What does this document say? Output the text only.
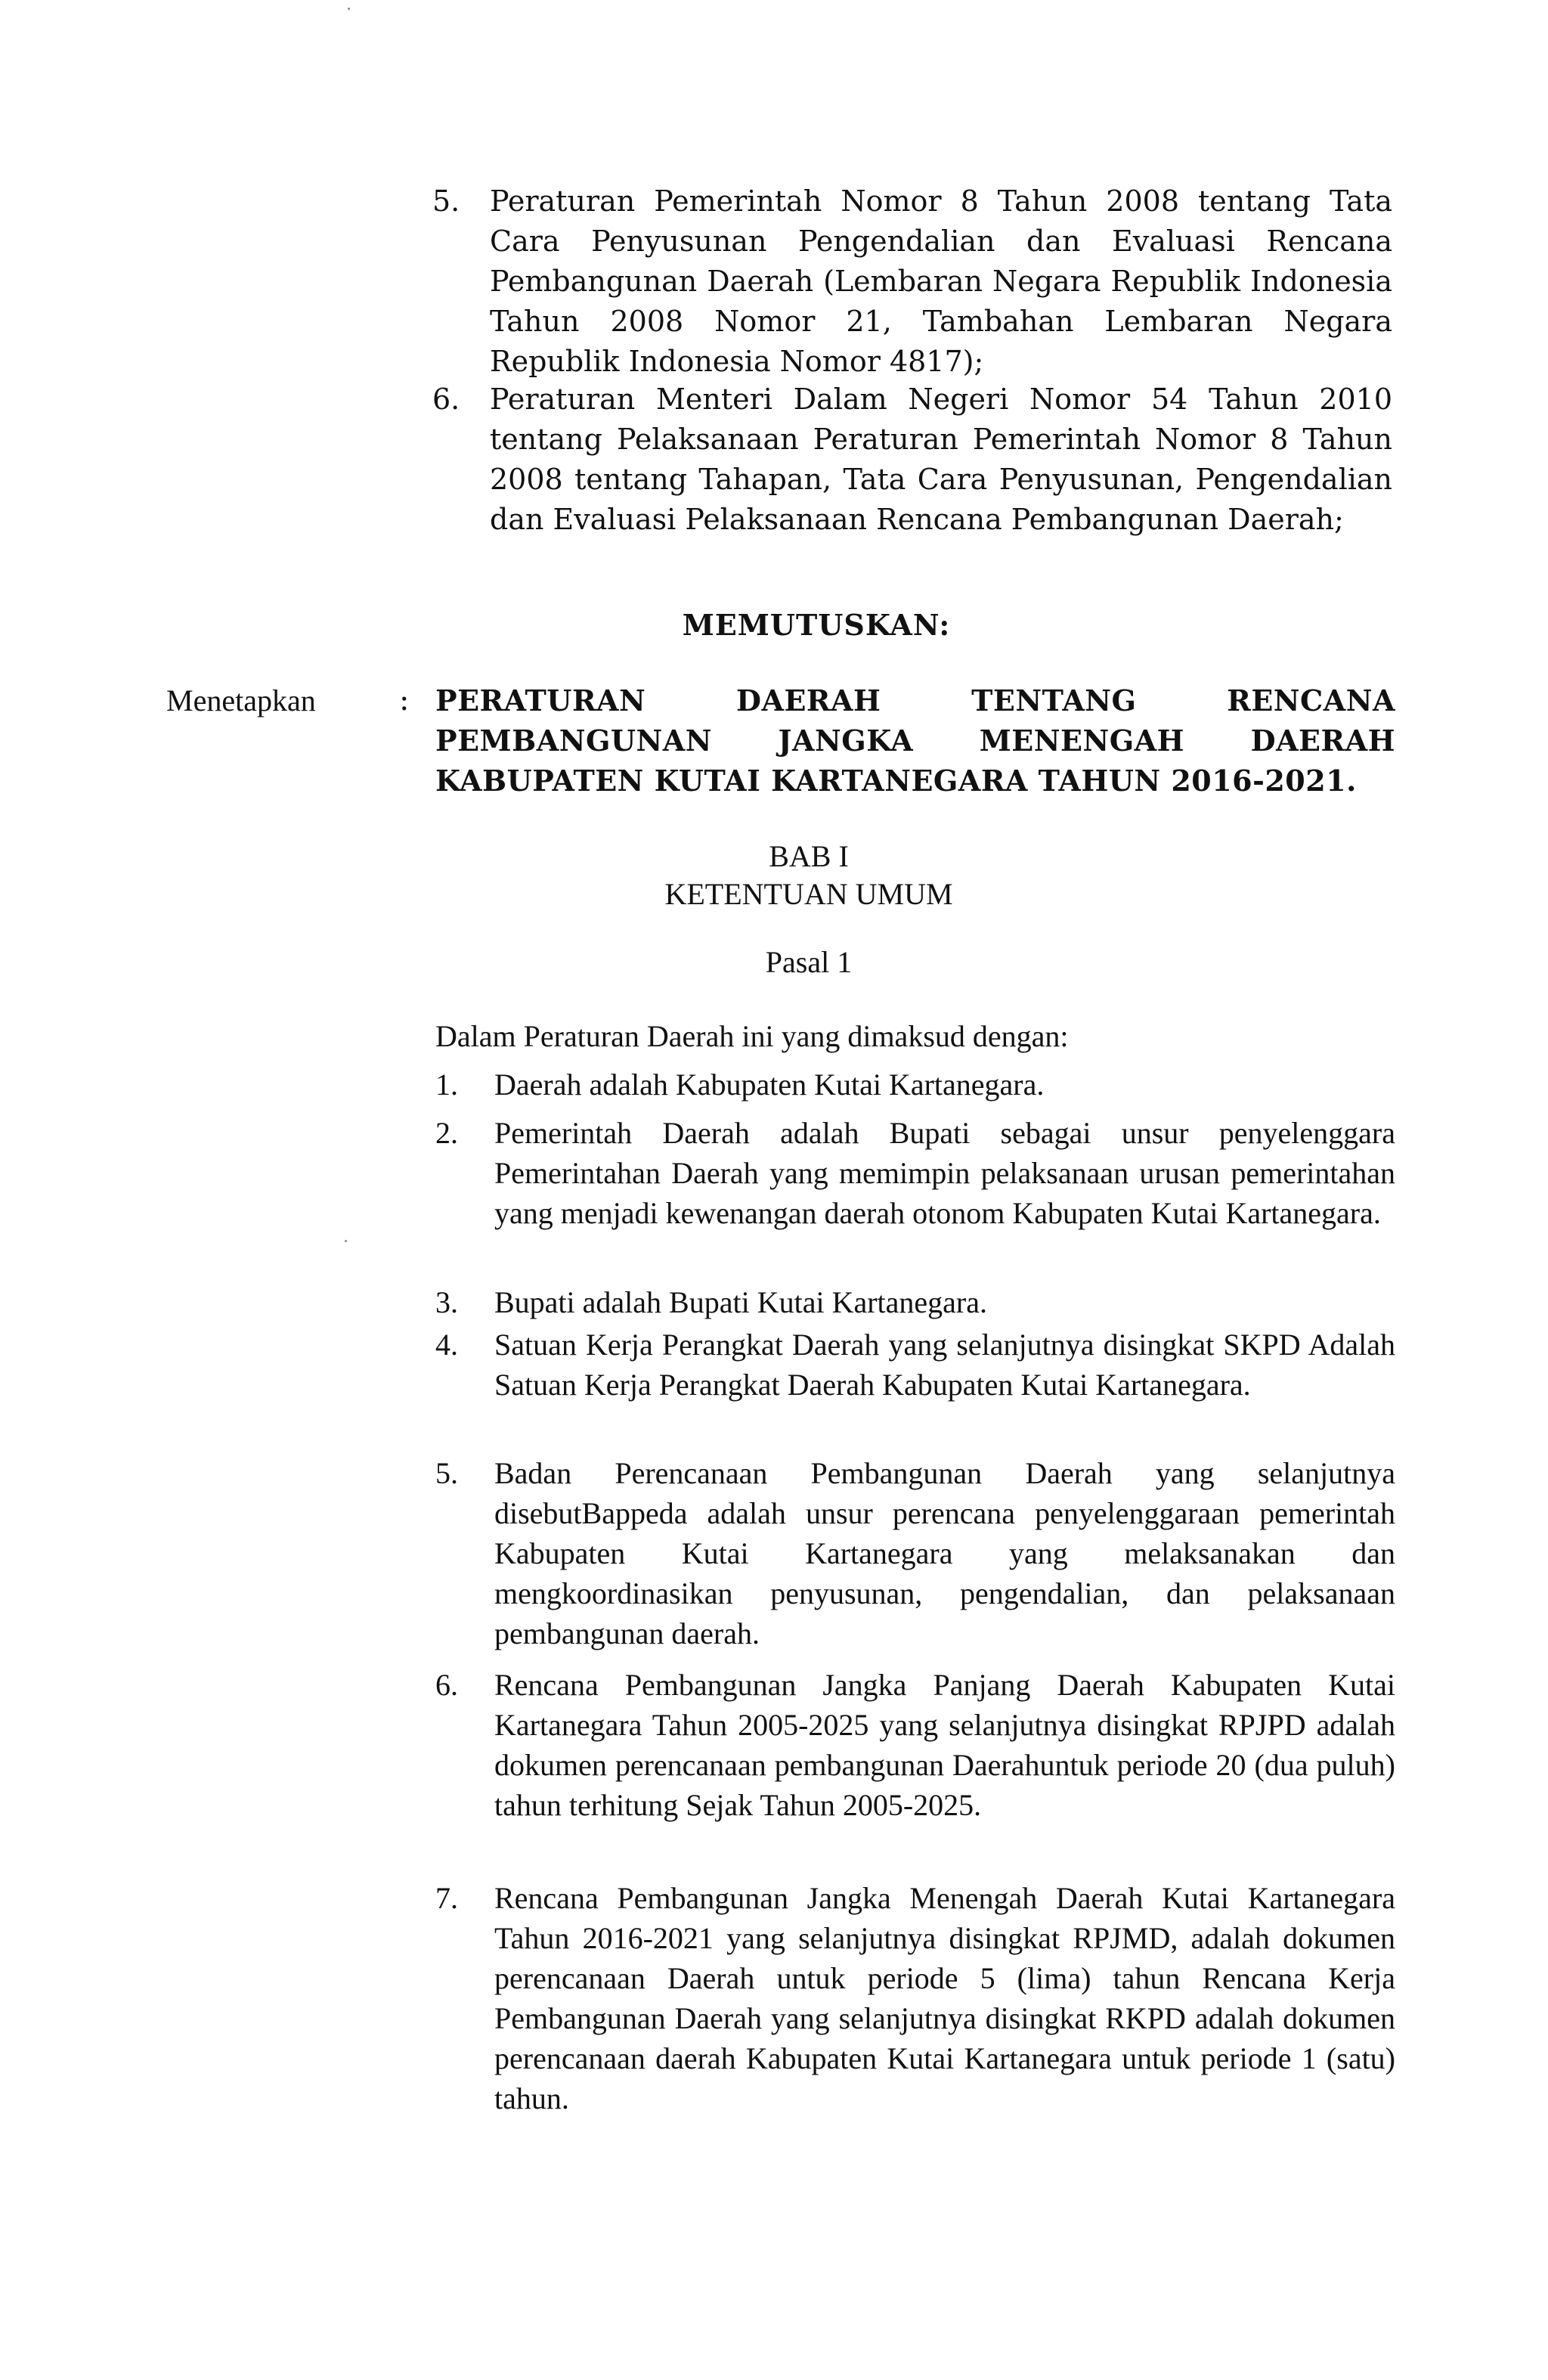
5.	Peraturan Pemerintah Nomor 8 Tahun 2008 tentang Tata Cara Penyusunan Pengendalian dan Evaluasi Rencana Pembangunan Daerah (Lembaran Negara Republik Indonesia Tahun 2008 Nomor 21, Tambahan Lembaran Negara Republik Indonesia Nomor 4817);
6.	Peraturan Menteri Dalam Negeri Nomor 54 Tahun 2010 tentang Pelaksanaan Peraturan Pemerintah Nomor 8 Tahun 2008 tentang Tahapan, Tata Cara Penyusunan, Pengendalian dan Evaluasi Pelaksanaan Rencana Pembangunan Daerah;
MEMUTUSKAN:
Menetapkan	: PERATURAN DAERAH TENTANG RENCANA PEMBANGUNAN JANGKA MENENGAH DAERAH KABUPATEN KUTAI KARTANEGARA TAHUN 2016-2021.
BAB I
KETENTUAN UMUM
Pasal 1
Dalam Peraturan Daerah ini yang dimaksud dengan:
1.	Daerah adalah Kabupaten Kutai Kartanegara.
2.	Pemerintah Daerah adalah Bupati sebagai unsur penyelenggara Pemerintahan Daerah yang memimpin pelaksanaan urusan pemerintahan yang menjadi kewenangan daerah otonom Kabupaten Kutai Kartanegara.
3.	Bupati adalah Bupati Kutai Kartanegara.
4.	Satuan Kerja Perangkat Daerah yang selanjutnya disingkat SKPD Adalah Satuan Kerja Perangkat Daerah Kabupaten Kutai Kartanegara.
5.	Badan Perencanaan Pembangunan Daerah yang selanjutnya disebutBappeda adalah unsur perencana penyelenggaraan pemerintah Kabupaten Kutai Kartanegara yang melaksanakan dan mengkoordinasikan penyusunan, pengendalian, dan pelaksanaan pembangunan daerah.
6.	Rencana Pembangunan Jangka Panjang Daerah Kabupaten Kutai Kartanegara Tahun 2005-2025 yang selanjutnya disingkat RPJPD adalah dokumen perencanaan pembangunan Daerahuntuk periode 20 (dua puluh) tahun terhitung Sejak Tahun 2005-2025.
7.	Rencana Pembangunan Jangka Menengah Daerah Kutai Kartanegara Tahun 2016-2021 yang selanjutnya disingkat RPJMD, adalah dokumen perencanaan Daerah untuk periode 5 (lima) tahun Rencana Kerja Pembangunan Daerah yang selanjutnya disingkat RKPD adalah dokumen perencanaan daerah Kabupaten Kutai Kartanegara untuk periode 1 (satu) tahun.
